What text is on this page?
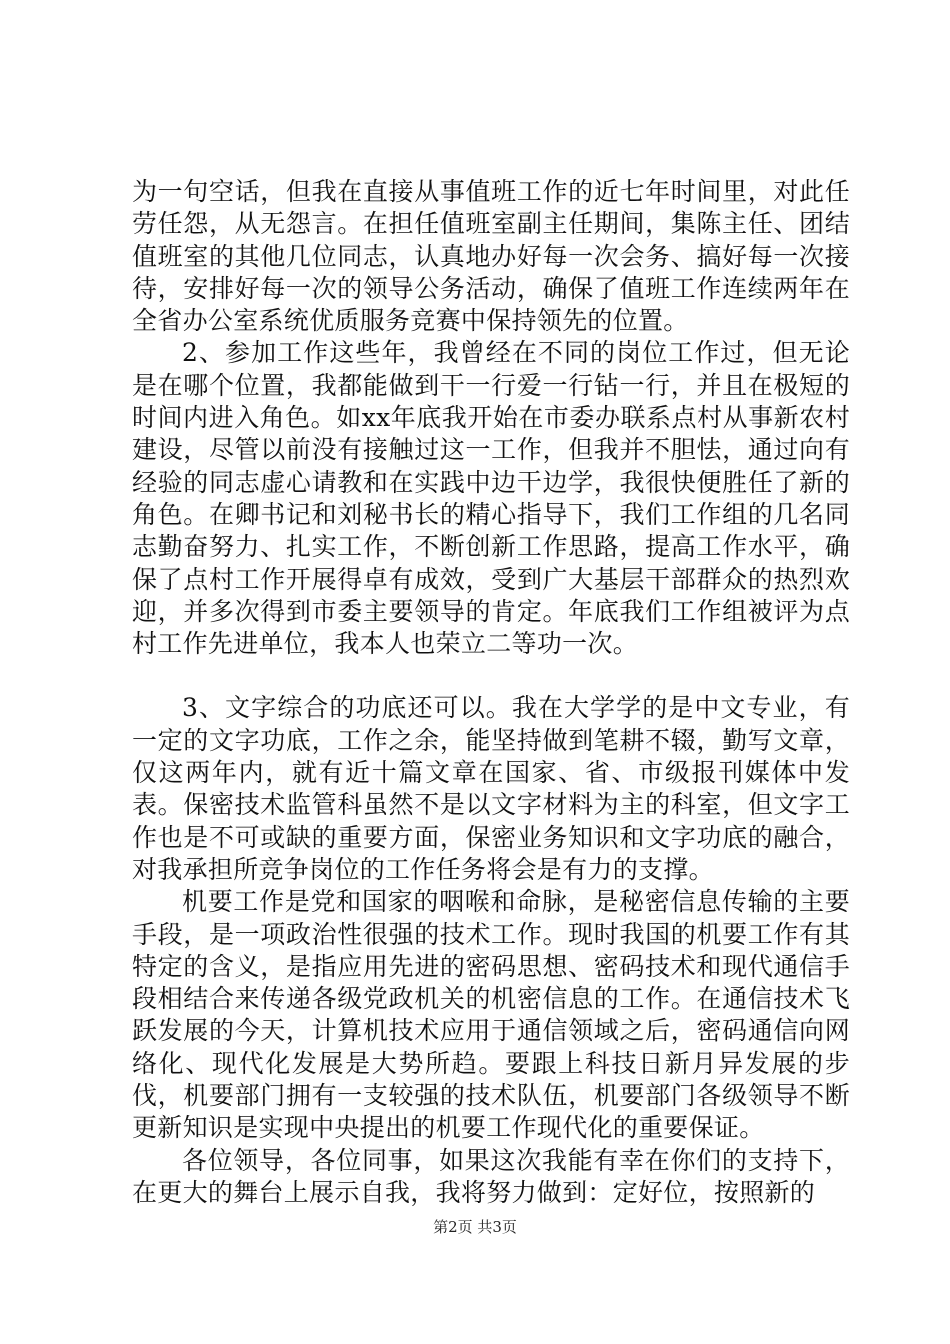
为一句空话，但我在直接从事值班工作的近七年时间里，对此任劳任怨，从无怨言。在担任值班室副主任期间，集陈主任、团结值班室的其他几位同志，认真地办好每一次会务、搞好每一次接待，安排好每一次的领导公务活动，确保了值班工作连续两年在全省办公室系统优质服务竞赛中保持领先的位置。

2、参加工作这些年，我曾经在不同的岗位工作过，但无论是在哪个位置，我都能做到干一行爱一行钻一行，并且在极短的时间内进入角色。如xx年底我开始在市委办联系点村从事新农村建设，尽管以前没有接触过这一工作，但我并不胆怯，通过向有经验的同志虚心请教和在实践中边干边学，我很快便胜任了新的角色。在卿书记和刘秘书长的精心指导下，我们工作组的几名同志勤奋努力、扎实工作，不断创新工作思路，提高工作水平，确保了点村工作开展得卓有成效，受到广大基层干部群众的热烈欢迎，并多次得到市委主要领导的肯定。年底我们工作组被评为点村工作先进单位，我本人也荣立二等功一次。

3、文字综合的功底还可以。我在大学学的是中文专业，有一定的文字功底，工作之余，能坚持做到笔耕不辍，勤写文章，仅这两年内，就有近十篇文章在国家、省、市级报刊媒体中发表。保密技术监管科虽然不是以文字材料为主的科室，但文字工作也是不可或缺的重要方面，保密业务知识和文字功底的融合，对我承担所竞争岗位的工作任务将会是有力的支撑。

机要工作是党和国家的咽喉和命脉，是秘密信息传输的主要手段，是一项政治性很强的技术工作。现时我国的机要工作有其特定的含义，是指应用先进的密码思想、密码技术和现代通信手段相结合来传递各级党政机关的机密信息的工作。在通信技术飞跃发展的今天，计算机技术应用于通信领域之后，密码通信向网络化、现代化发展是大势所趋。要跟上科技日新月异发展的步伐，机要部门拥有一支较强的技术队伍，机要部门各级领导不断更新知识是实现中央提出的机要工作现代化的重要保证。

各位领导，各位同事，如果这次我能有幸在你们的支持下，在更大的舞台上展示自我，我将努力做到：定好位，按照新的

第2页 共3页
